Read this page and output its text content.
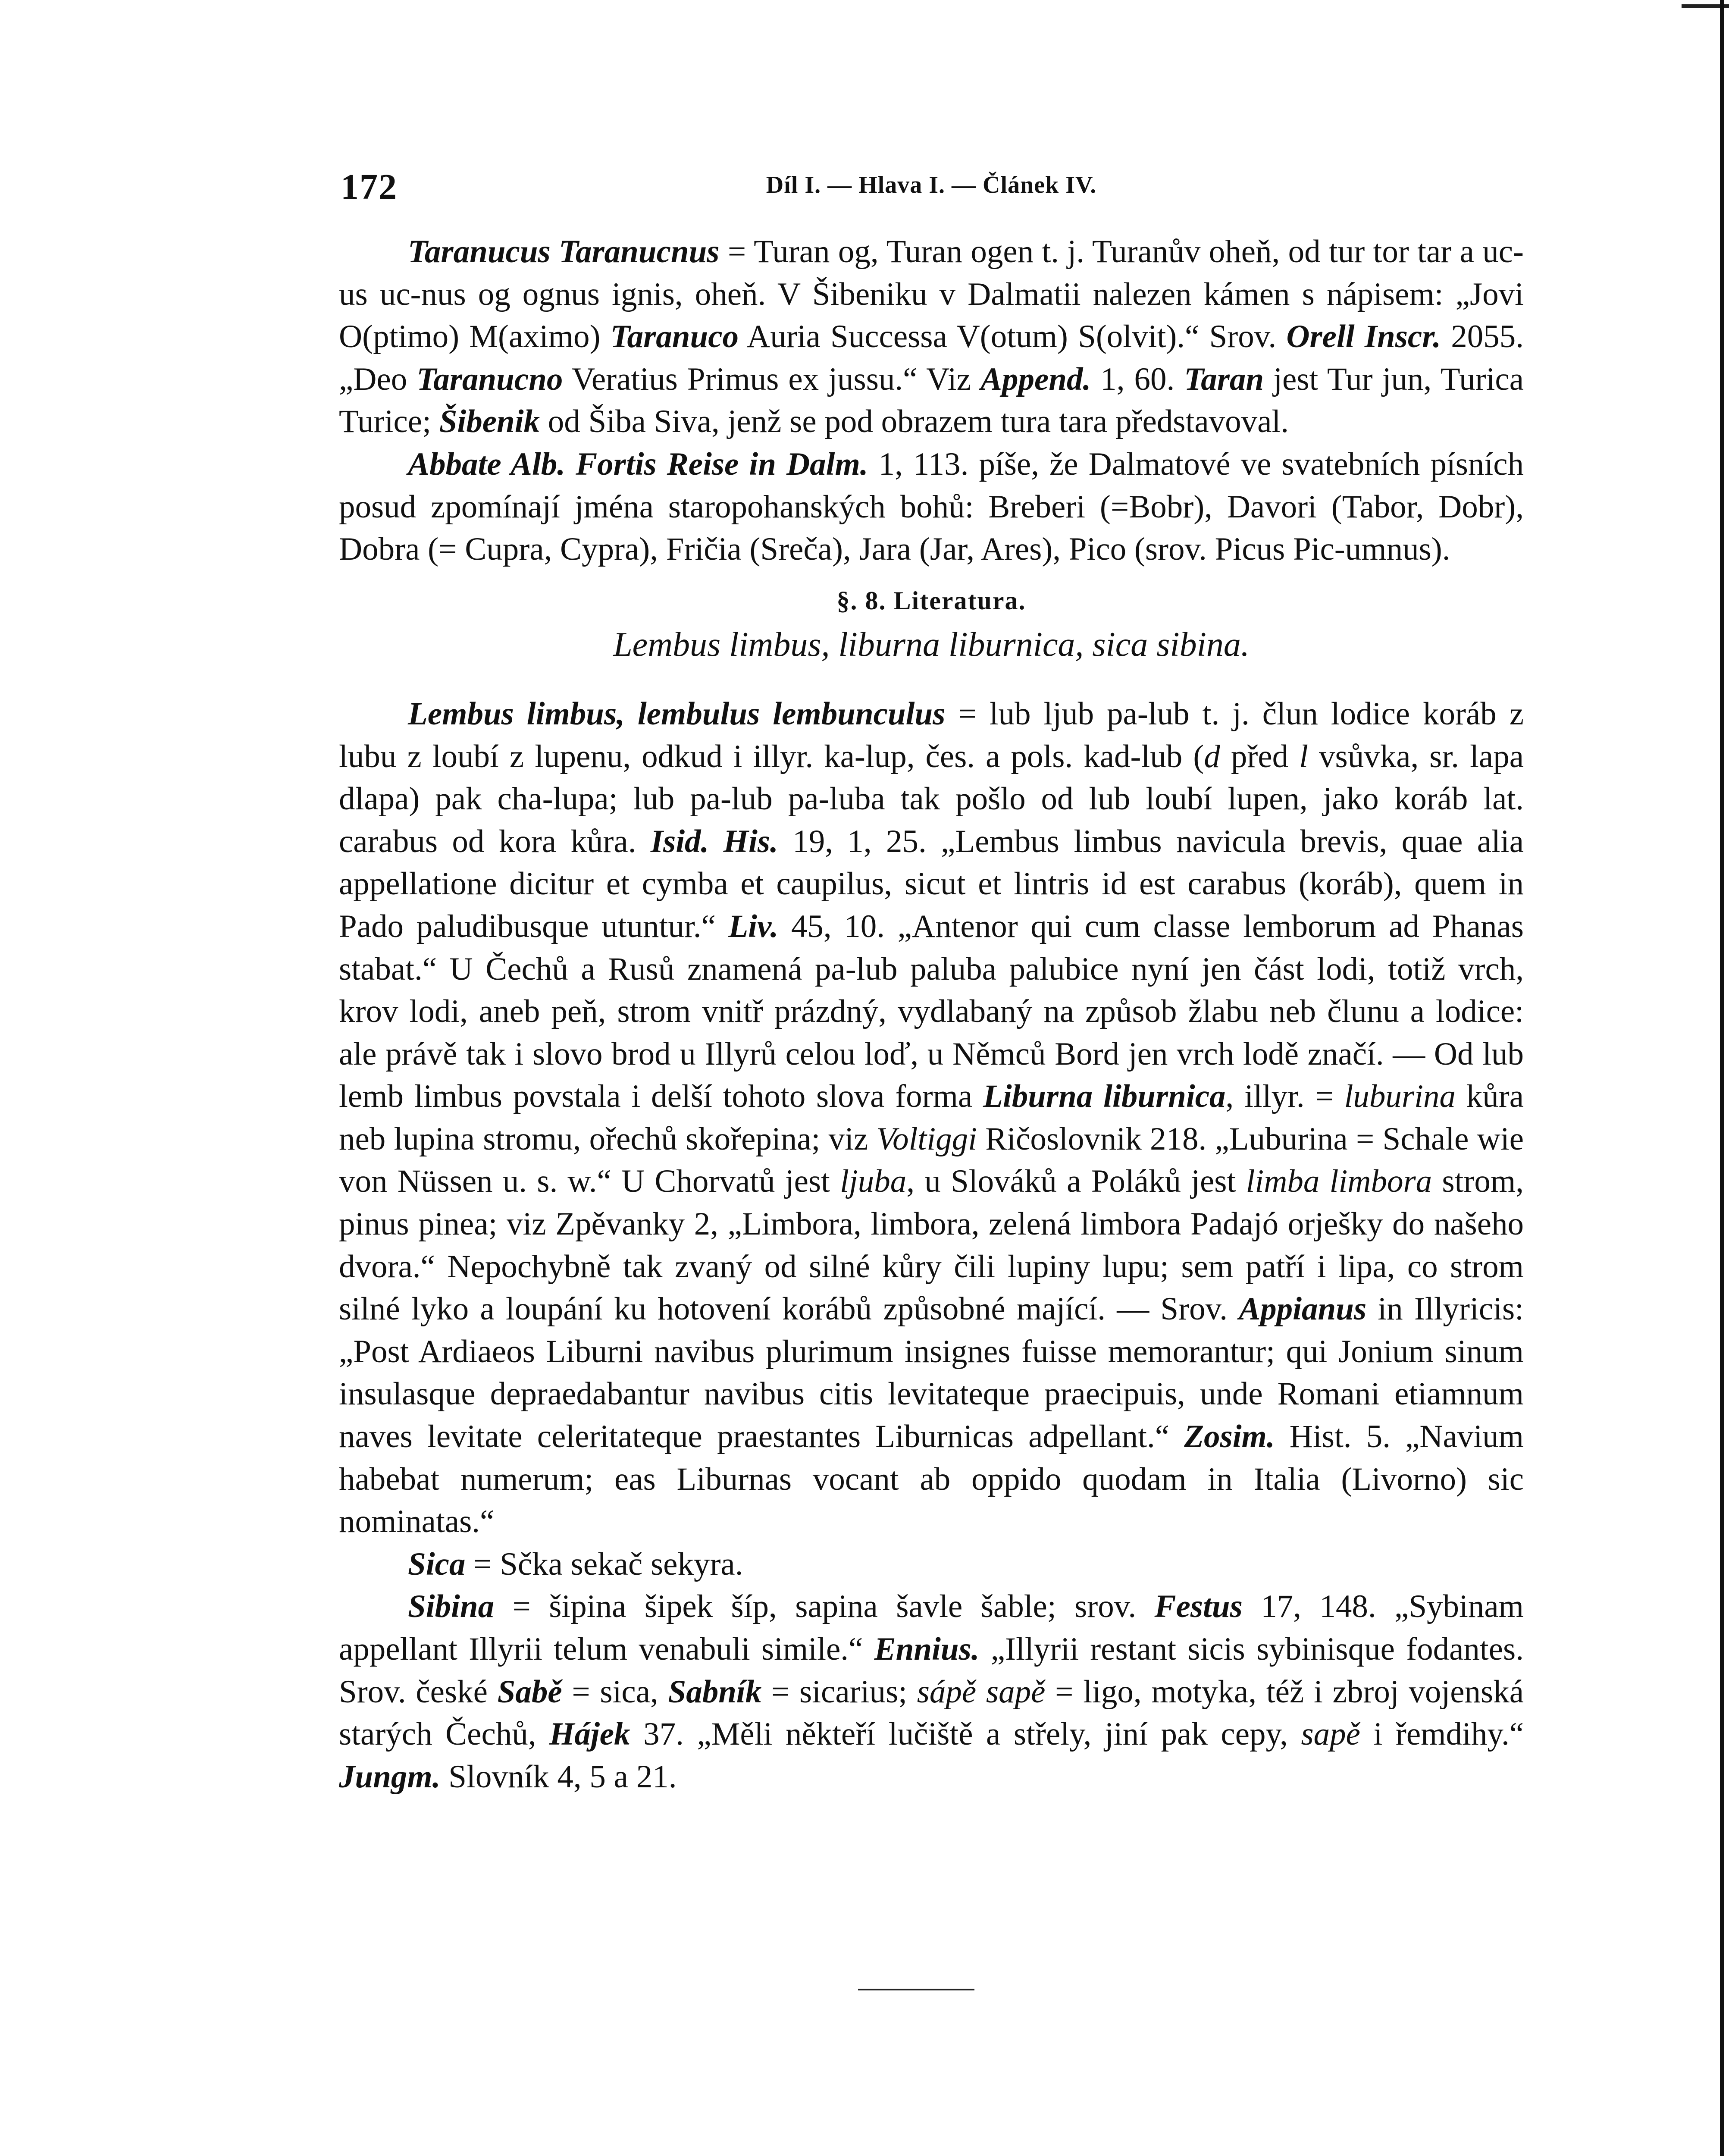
172	Díl I. — Hlava I. — Článek IV.

Taranucus Taranucnus = Turan og, Turan ogen t. j. Turanův oheň, od tur tor tar a uc-us uc-nus og ognus ignis, oheň. V Šibeniku v Dalmatii nalezen kámen s nápisem: „Jovi O(ptimo) M(aximo) Taranuco Auria Successa V(otum) S(olvit).“ Srov. Orell Inscr. 2055. „Deo Taranucno Veratius Primus ex jussu.“ Viz Append. 1, 60. Taran jest Tur jun, Turica Turice; Šibenik od Šiba Siva, jenž se pod obrazem tura tara představoval.

Abbate Alb. Fortis Reise in Dalm. 1, 113. píše, že Dalmatové ve svatebních písních posud zpomínají jména staropohanských bohů: Breberi (=Bobr), Davori (Tabor, Dobr), Dobra (= Cupra, Cypra), Fričia (Sreča), Jara (Jar, Ares), Pico (srov. Picus Pic-umnus).

§. 8. Literatura.

Lembus limbus, liburna liburnica, sica sibina.

Lembus limbus, lembulus lembunculus = lub ljub pa-lub t. j. člun lodice koráb z lubu z loubí z lupenu, odkud i illyr. ka-lup, čes. a pols. kad-lub (d před l vsůvka, sr. lapa dlapa) pak cha-lupa; lub pa-lub pa-luba tak pošlo od lub loubí lupen, jako koráb lat. carabus od kora kůra. Isid. His. 19, 1, 25. „Lembus limbus navicula brevis, quae alia appellatione dicitur et cymba et caupilus, sicut et lintris id est carabus (koráb), quem in Pado paludibusque utuntur.“ Liv. 45, 10. „Antenor qui cum classe lemborum ad Phanas stabat.“ U Čechů a Rusů znamená pa-lub paluba palubice nyní jen část lodi, totiž vrch, krov lodi, aneb peň, strom vnitř prázdný, vydlabaný na způsob žlabu neb člunu a lodice: ale právě tak i slovo brod u Illyrů celou loď, u Němců Bord jen vrch lodě značí. — Od lub lemb limbus povstala i delší tohoto slova forma Liburna liburnica, illyr. = luburina kůra neb lupina stromu, ořechů skořepina; viz Voltiggi Ričoslovnik 218. „Luburina = Schale wie von Nüssen u. s. w.“ U Chorvatů jest ljuba, u Slováků a Poláků jest limba limbora strom, pinus pinea; viz Zpěvanky 2, „Limbora, limbora, zelená limbora Padajó orješky do našeho dvora.“ Nepochybně tak zvaný od silné kůry čili lupiny lupu; sem patří i lipa, co strom silné lyko a loupání ku hotovení korábů způsobné mající. — Srov. Appianus in Illyricis: „Post Ardiaeos Liburni navibus plurimum insignes fuisse memorantur; qui Jonium sinum insulasque depraedabantur navibus citis levitateque praecipuis, unde Romani etiamnum naves levitate celeritateque praestantes Liburnicas adpellant.“ Zosim. Hist. 5. „Navium habebat numerum; eas Liburnas vocant ab oppido quodam in Italia (Livorno) sic nominatas.“

Sica = Sčka sekač sekyra.

Sibina = šipina šipek šíp, sapina šavle šable; srov. Festus 17, 148. „Sybinam appellant Illyrii telum venabuli simile.“ Ennius. „Illyrii restant sicis sybinisque fodantes. Srov. české Sabě = sica, Sabník = sicarius; sápě sapě = ligo, motyka, též i zbroj vojenská starých Čechů, Hájek 37. „Měli někteří lučiště a střely, jiní pak cepy, sapě i řemdihy.“ Jungm. Slovník 4, 5 a 21.
